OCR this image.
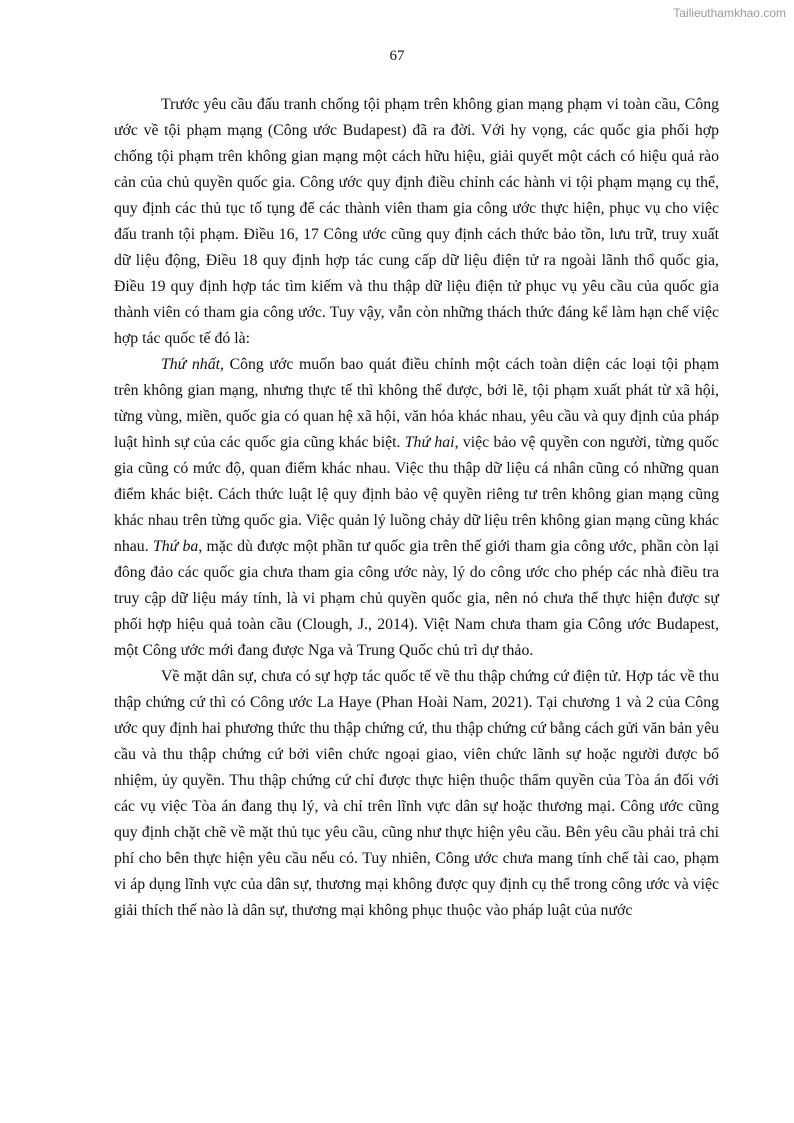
Tailieuthamkhao.com
67

Trước yêu cầu đấu tranh chống tội phạm trên không gian mạng phạm vi toàn cầu, Công ước về tội phạm mạng (Công ước Budapest) đã ra đời. Với hy vọng, các quốc gia phối hợp chống tội phạm trên không gian mạng một cách hữu hiệu, giải quyết một cách có hiệu quả rào cản của chủ quyền quốc gia. Công ước quy định điều chỉnh các hành vi tội phạm mạng cụ thể, quy định các thủ tục tố tụng để các thành viên tham gia công ước thực hiện, phục vụ cho việc đấu tranh tội phạm. Điều 16, 17 Công ước cũng quy định cách thức bảo tồn, lưu trữ, truy xuất dữ liệu động, Điều 18 quy định hợp tác cung cấp dữ liệu điện tử ra ngoài lãnh thổ quốc gia, Điều 19 quy định hợp tác tìm kiếm và thu thập dữ liệu điện tử phục vụ yêu cầu của quốc gia thành viên có tham gia công ước. Tuy vậy, vẫn còn những thách thức đáng kể làm hạn chế việc hợp tác quốc tế đó là:

Thứ nhất, Công ước muốn bao quát điều chỉnh một cách toàn diện các loại tội phạm trên không gian mạng, nhưng thực tế thì không thể được, bởi lẽ, tội phạm xuất phát từ xã hội, từng vùng, miền, quốc gia có quan hệ xã hội, văn hóa khác nhau, yêu cầu và quy định của pháp luật hình sự của các quốc gia cũng khác biệt. Thứ hai, việc bảo vệ quyền con người, từng quốc gia cũng có mức độ, quan điểm khác nhau. Việc thu thập dữ liệu cá nhân cũng có những quan điểm khác biệt. Cách thức luật lệ quy định bảo vệ quyền riêng tư trên không gian mạng cũng khác nhau trên từng quốc gia. Việc quản lý luồng chảy dữ liệu trên không gian mạng cũng khác nhau. Thứ ba, mặc dù được một phần tư quốc gia trên thế giới tham gia công ước, phần còn lại đông đảo các quốc gia chưa tham gia công ước này, lý do công ước cho phép các nhà điều tra truy cập dữ liệu máy tính, là vi phạm chủ quyền quốc gia, nên nó chưa thể thực hiện được sự phối hợp hiệu quả toàn cầu (Clough, J., 2014). Việt Nam chưa tham gia Công ước Budapest, một Công ước mới đang được Nga và Trung Quốc chủ trì dự thảo.

Về mặt dân sự, chưa có sự hợp tác quốc tế về thu thập chứng cứ điện tử. Hợp tác về thu thập chứng cứ thì có Công ước La Haye (Phan Hoài Nam, 2021). Tại chương 1 và 2 của Công ước quy định hai phương thức thu thập chứng cứ, thu thập chứng cứ bằng cách gửi văn bản yêu cầu và thu thập chứng cứ bởi viên chức ngoại giao, viên chức lãnh sự hoặc người được bổ nhiệm, ủy quyền. Thu thập chứng cứ chỉ được thực hiện thuộc thẩm quyền của Tòa án đối với các vụ việc Tòa án đang thụ lý, và chỉ trên lĩnh vực dân sự hoặc thương mại. Công ước cũng quy định chặt chẽ về mặt thủ tục yêu cầu, cũng như thực hiện yêu cầu. Bên yêu cầu phải trả chi phí cho bên thực hiện yêu cầu nếu có. Tuy nhiên, Công ước chưa mang tính chế tài cao, phạm vi áp dụng lĩnh vực của dân sự, thương mại không được quy định cụ thể trong công ước và việc giải thích thế nào là dân sự, thương mại không phục thuộc vào pháp luật của nước
